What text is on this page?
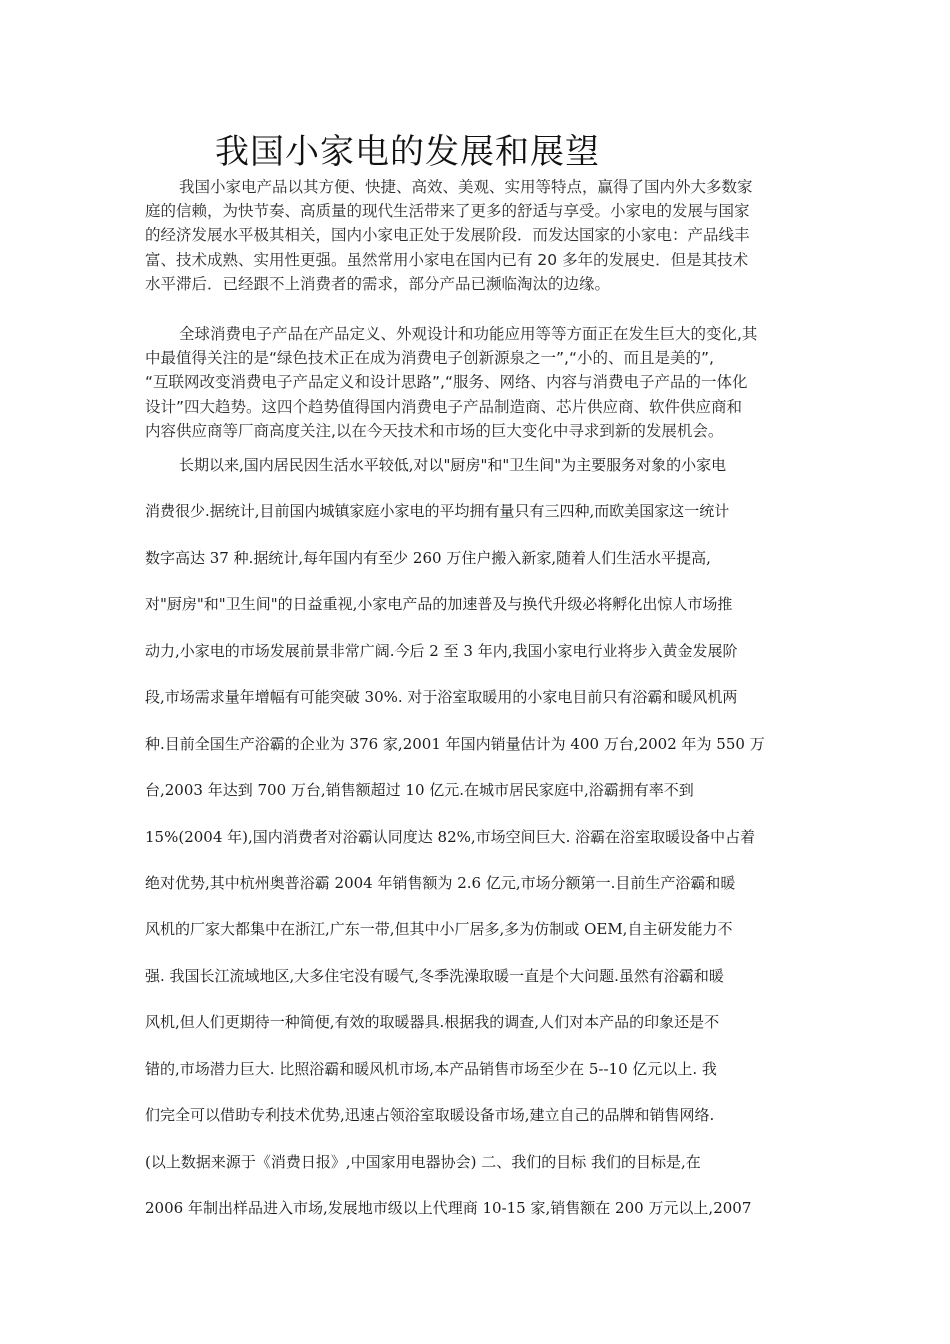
我国小家电的发展和展望
我国小家电产品以其方便、快捷、高效、美观、实用等特点，赢得了国内外大多数家
庭的信赖，为快节奏、高质量的现代生活带来了更多的舒适与享受。小家电的发展与国家
的经济发展水平极其相关，国内小家电正处于发展阶段．而发达国家的小家电：产品线丰
富、技术成熟、实用性更强。虽然常用小家电在国内已有 20 多年的发展史．但是其技术
水平滞后．已经跟不上消费者的需求，部分产品已濒临淘汰的边缘。
全球消费电子产品在产品定义、外观设计和功能应用等等方面正在发生巨大的变化,其
中最值得关注的是“绿色技术正在成为消费电子创新源泉之一”,“小的、而且是美的”,
“互联网改变消费电子产品定义和设计思路”,“服务、网络、内容与消费电子产品的一体化
设计”四大趋势。这四个趋势值得国内消费电子产品制造商、芯片供应商、软件供应商和
内容供应商等厂商高度关注,以在今天技术和市场的巨大变化中寻求到新的发展机会。
长期以来,国内居民因生活水平较低,对以"厨房"和"卫生间"为主要服务对象的小家电
消费很少.据统计,目前国内城镇家庭小家电的平均拥有量只有三四种,而欧美国家这一统计
数字高达 37 种.据统计,每年国内有至少 260 万住户搬入新家,随着人们生活水平提高,
对"厨房"和"卫生间"的日益重视,小家电产品的加速普及与换代升级必将孵化出惊人市场推
动力,小家电的市场发展前景非常广阔.今后 2 至 3 年内,我国小家电行业将步入黄金发展阶
段,市场需求量年增幅有可能突破 30%. 对于浴室取暖用的小家电目前只有浴霸和暖风机两
种.目前全国生产浴霸的企业为 376 家,2001 年国内销量估计为 400 万台,2002 年为 550 万
台,2003 年达到 700 万台,销售额超过 10 亿元.在城市居民家庭中,浴霸拥有率不到
15%(2004 年),国内消费者对浴霸认同度达 82%,市场空间巨大. 浴霸在浴室取暖设备中占着
绝对优势,其中杭州奥普浴霸 2004 年销售额为 2.6 亿元,市场分额第一.目前生产浴霸和暖
风机的厂家大都集中在浙江,广东一带,但其中小厂居多,多为仿制或 OEM,自主研发能力不
强. 我国长江流域地区,大多住宅没有暖气,冬季洗澡取暖一直是个大问题.虽然有浴霸和暖
风机,但人们更期待一种简便,有效的取暖器具.根据我的调查,人们对本产品的印象还是不
错的,市场潜力巨大. 比照浴霸和暖风机市场,本产品销售市场至少在 5--10 亿元以上. 我
们完全可以借助专利技术优势,迅速占领浴室取暖设备市场,建立自己的品牌和销售网络.
(以上数据来源于《消费日报》,中国家用电器协会) 二、我们的目标 我们的目标是,在
2006 年制出样品进入市场,发展地市级以上代理商 10-15 家,销售额在 200 万元以上,2007
